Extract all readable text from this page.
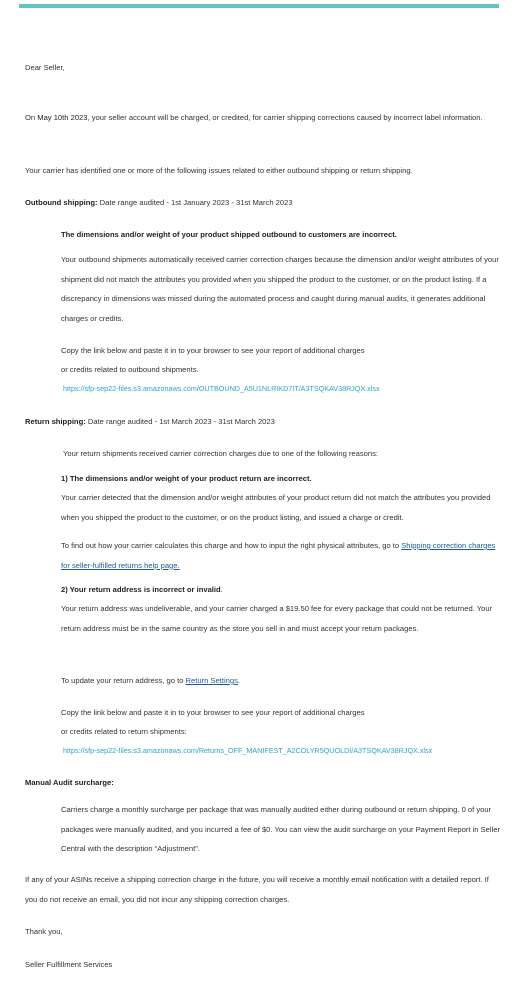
Dear Seller,

On May 10th 2023, your seller account will be charged, or credited, for carrier shipping corrections caused by incorrect label information.

Your carrier has identified one or more of the following issues related to either outbound shipping or return shipping.

Outbound shipping: Date range audited - 1st January 2023 - 31st March 2023

The dimensions and/or weight of your product shipped outbound to customers are incorrect.

Your outbound shipments automatically received carrier correction charges because the dimension and/or weight attributes of your shipment did not match the attributes you provided when you shipped the product to the customer, or on the product listing. If a discrepancy in dimensions was missed during the automated process and caught during manual audits, it generates additional charges or credits.

Copy the link below and paste it in to your browser to see your report of additional charges

or credits related to outbound shipments.

https://sfp-sep22-files.s3.amazonaws.com/OUTBOUND_A5U1NLRIKD7IT/A3TSQKAV38RJQX.xlsx

Return shipping: Date range audited - 1st March 2023 - 31st March 2023

Your return shipments received carrier correction charges due to one of the following reasons:

1) The dimensions and/or weight of your product return are incorrect.

Your carrier detected that the dimension and/or weight attributes of your product return did not match the attributes you provided when you shipped the product to the customer, or on the product listing, and issued a charge or credit.

To find out how your carrier calculates this charge and how to input the right physical attributes, go to Shipping correction charges for seller-fulfilled returns help page.

2) Your return address is incorrect or invalid.

Your return address was undeliverable, and your carrier charged a $19.50 fee for every package that could not be returned. Your return address must be in the same country as the store you sell in and must accept your return packages.

To update your return address, go to Return Settings.

Copy the link below and paste it in to your browser to see your report of additional charges

or credits related to return shipments:

https://sfp-sep22-files.s3.amazonaws.com/Returns_OFF_MANIFEST_A2COLYR5QUOLDI/A3TSQKAV38RJQX.xlsx

Manual Audit surcharge:

Carriers charge a monthly surcharge per package that was manually audited either during outbound or return shipping. 0 of your packages were manually audited, and you incurred a fee of $0. You can view the audit surcharge on your Payment Report in Seller Central with the description “Adjustment”.

If any of your ASINs receive a shipping correction charge in the future, you will receive a monthly email notification with a detailed report. If you do not receive an email, you did not incur any shipping correction charges.

Thank you,

Seller Fulfillment Services
